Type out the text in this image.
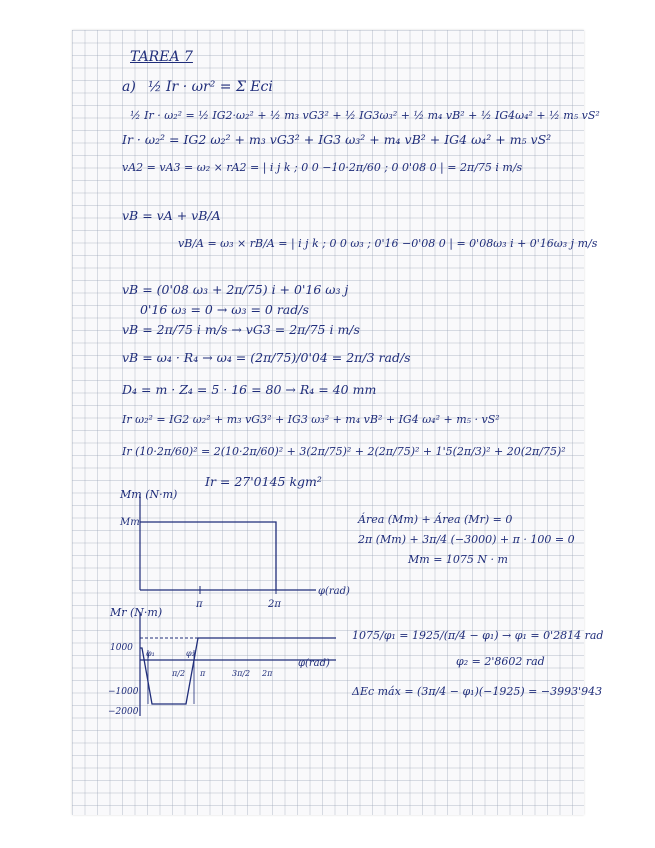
TAREA 7
a) ½ Ir · ωr² = Σ Eci
½ Ir · ω₂² = ½ IG2·ω₂² + ½ m₃ vG3² + ½ IG3ω₃² + ½ m₄ vB² + ½ IG4ω₄² + ½ m₅ vS²
Ir · ω₂² = IG2 ω₂² + m₃ vG3² + IG3 ω₃² + m₄ vB² + IG4 ω₄² + m₅ vS²
vA2 = vA3 = ω₂ × rA2 = | i j k ; 0 0 −10·2π/60 ; 0 0'08 0 | = 2π/75 i m/s
vB = vA + vB/A
vB/A = ω₃ × rB/A = | i j k ; 0 0 ω₃ ; 0'16 −0'08 0 | = 0'08ω₃ i + 0'16ω₃ j m/s
vB = (0'08 ω₃ + 2π/75) i + 0'16 ω₃ j
0'16 ω₃ = 0 → ω₃ = 0 rad/s
vB = 2π/75 i m/s → vG3 = 2π/75 i m/s
vB = ω₄ · R₄ → ω₄ = (2π/75)/0'04 = 2π/3 rad/s
D₄ = m · Z₄ = 5 · 16 = 80 → R₄ = 40 mm
Ir ω₂² = IG2 ω₂² + m₃ vG3² + IG3 ω₃² + m₄ vB² + IG4 ω₄² + m₅ · vS²
Ir (10·2π/60)² = 2(10·2π/60)² + 3(2π/75)² + 2(2π/75)² + 1'5(2π/3)² + 20(2π/75)²
Ir = 27'0145 kgm²
Mm (N·m)
Mm
φ(rad)
π	2π
Área (Mm) + Área (Mr) = 0
2π (Mm) + 3π/4 (−3000) + π · 100 = 0
Mm = 1075 N · m
Mr (N·m)
1000
−1000
−2000
φ₁	φ₂
π/2 π	3π/2 2π
φ(rad)
1075/φ₁ = 1925/(π/4 − φ₁) → φ₁ = 0'2814 rad
φ₂ = 2'8602 rad
ΔEc máx = (3π/4 − φ₁)(−1925) = −3993'943
